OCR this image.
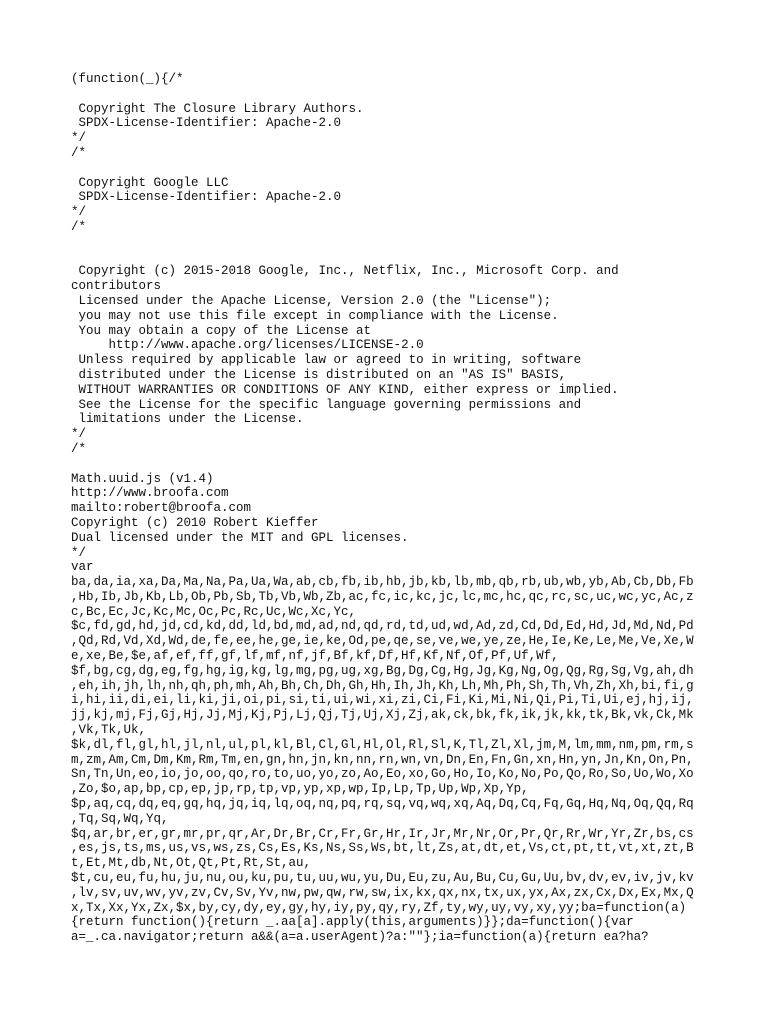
(function(_){/*

Copyright The Closure Library Authors.
SPDX-License-Identifier: Apache-2.0
*/
/*

Copyright Google LLC
SPDX-License-Identifier: Apache-2.0
*/
/*

Copyright (c) 2015-2018 Google, Inc., Netflix, Inc., Microsoft Corp. and
contributors
Licensed under the Apache License, Version 2.0 (the "License");
you may not use this file except in compliance with the License.
You may obtain a copy of the License at
http://www.apache.org/licenses/LICENSE-2.0
Unless required by applicable law or agreed to in writing, software
distributed under the License is distributed on an "AS IS" BASIS,
WITHOUT WARRANTIES OR CONDITIONS OF ANY KIND, either express or implied.
See the License for the specific language governing permissions and
limitations under the License.
*/
/*

Math.uuid.js (v1.4)
http://www.broofa.com
mailto:robert@broofa.com
Copyright (c) 2010 Robert Kieffer
Dual licensed under the MIT and GPL licenses.
*/
var
ba,da,ia,xa,Da,Ma,Na,Pa,Ua,Wa,ab,cb,fb,ib,hb,jb,kb,lb,mb,qb,rb,ub,wb,yb,Ab,Cb,Db,Fb
,Hb,Ib,Jb,Kb,Lb,Ob,Pb,Sb,Tb,Vb,Wb,Zb,ac,fc,ic,kc,jc,lc,mc,hc,qc,rc,sc,uc,wc,yc,Ac,z
c,Bc,Ec,Jc,Kc,Mc,Oc,Pc,Rc,Uc,Wc,Xc,Yc,
$c,fd,gd,hd,jd,cd,kd,dd,ld,bd,md,ad,nd,qd,rd,td,ud,wd,Ad,zd,Cd,Dd,Ed,Hd,Jd,Md,Nd,Pd
,Qd,Rd,Vd,Xd,Wd,de,fe,ee,he,ge,ie,ke,Od,pe,qe,se,ve,we,ye,ze,He,Ie,Ke,Le,Me,Ve,Xe,W
e,xe,Be,$e,af,ef,ff,gf,lf,mf,nf,jf,Bf,kf,Df,Hf,Kf,Nf,Of,Pf,Uf,Wf,
$f,bg,cg,dg,eg,fg,hg,ig,kg,lg,mg,pg,ug,xg,Bg,Dg,Cg,Hg,Jg,Kg,Ng,Og,Qg,Rg,Sg,Vg,ah,dh
,eh,ih,jh,lh,nh,qh,ph,mh,Ah,Bh,Ch,Dh,Gh,Hh,Ih,Jh,Kh,Lh,Mh,Ph,Sh,Th,Vh,Zh,Xh,bi,fi,g
i,hi,ii,di,ei,li,ki,ji,oi,pi,si,ti,ui,wi,xi,zi,Ci,Fi,Ki,Mi,Ni,Qi,Pi,Ti,Ui,ej,hj,ij,
jj,kj,mj,Fj,Gj,Hj,Jj,Mj,Kj,Pj,Lj,Qj,Tj,Uj,Xj,Zj,ak,ck,bk,fk,ik,jk,kk,tk,Bk,vk,Ck,Mk
,Vk,Tk,Uk,
$k,dl,fl,gl,hl,jl,nl,ul,pl,kl,Bl,Cl,Gl,Hl,Ol,Rl,Sl,K,Tl,Zl,Xl,jm,M,lm,mm,nm,pm,rm,s
m,zm,Am,Cm,Dm,Km,Rm,Tm,en,gn,hn,jn,kn,nn,rn,wn,vn,Dn,En,Fn,Gn,xn,Hn,yn,Jn,Kn,On,Pn,
Sn,Tn,Un,eo,io,jo,oo,qo,ro,to,uo,yo,zo,Ao,Eo,xo,Go,Ho,Io,Ko,No,Po,Qo,Ro,So,Uo,Wo,Xo
,Zo,$o,ap,bp,cp,ep,jp,rp,tp,vp,yp,xp,wp,Ip,Lp,Tp,Up,Wp,Xp,Yp,
$p,aq,cq,dq,eq,gq,hq,jq,iq,lq,oq,nq,pq,rq,sq,vq,wq,xq,Aq,Dq,Cq,Fq,Gq,Hq,Nq,Oq,Qq,Rq
,Tq,Sq,Wq,Yq,
$q,ar,br,er,gr,mr,pr,qr,Ar,Dr,Br,Cr,Fr,Gr,Hr,Ir,Jr,Mr,Nr,Or,Pr,Qr,Rr,Wr,Yr,Zr,bs,cs
,es,js,ts,ms,us,vs,ws,zs,Cs,Es,Ks,Ns,Ss,Ws,bt,lt,Zs,at,dt,et,Vs,ct,pt,tt,vt,xt,zt,B
t,Et,Mt,db,Nt,Ot,Qt,Pt,Rt,St,au,
$t,cu,eu,fu,hu,ju,nu,ou,ku,pu,tu,uu,wu,yu,Du,Eu,zu,Au,Bu,Cu,Gu,Uu,bv,dv,ev,iv,jv,kv
,lv,sv,uv,wv,yv,zv,Cv,Sv,Yv,nw,pw,qw,rw,sw,ix,kx,qx,nx,tx,ux,yx,Ax,zx,Cx,Dx,Ex,Mx,Q
x,Tx,Xx,Yx,Zx,$x,by,cy,dy,ey,gy,hy,iy,py,qy,ry,Zf,ty,wy,uy,vy,xy,yy;ba=function(a)
{return function(){return _.aa[a].apply(this,arguments)}};da=function(){var
a=_.ca.navigator;return a&&(a=a.userAgent)?a:""};ia=function(a){return ea?ha?
